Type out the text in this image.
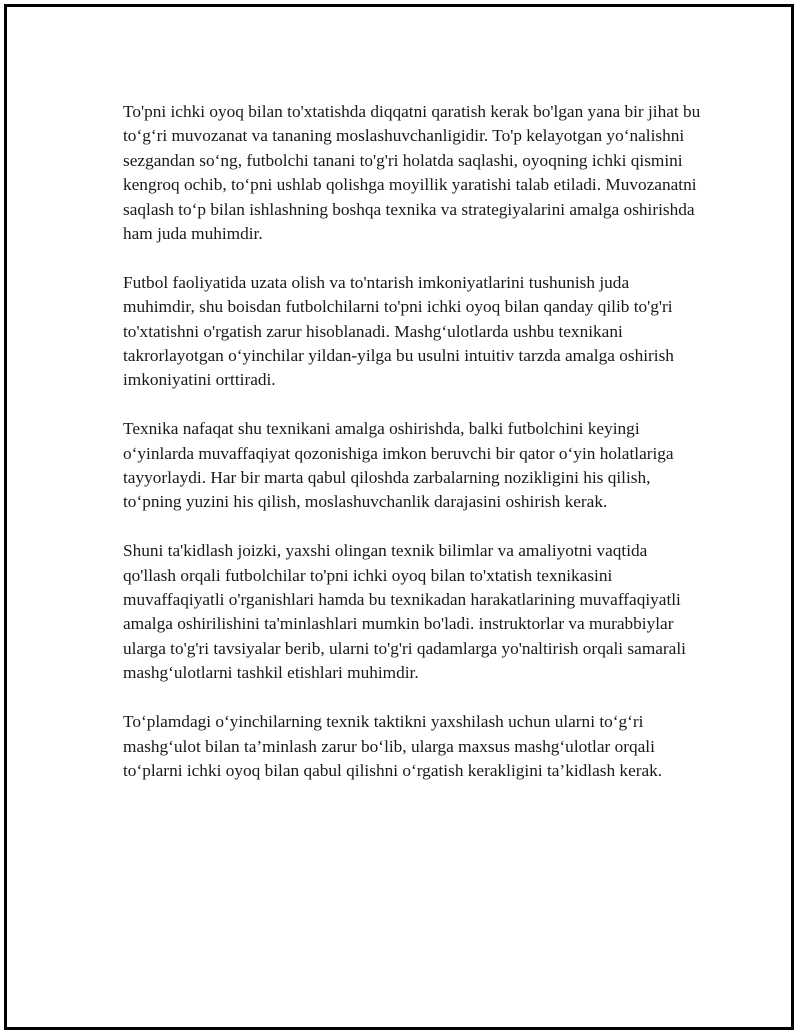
To'pni ichki oyoq bilan to'xtatishda diqqatni qaratish kerak bo'lgan yana bir jihat bu to‘g‘ri muvozanat va tananing moslashuvchanligidir. To'p kelayotgan yo‘nalishni sezgandan so‘ng, futbolchi tanani to'g'ri holatda saqlashi, oyoqning ichki qismini kengroq ochib, to‘pni ushlab qolishga moyillik yaratishi talab etiladi. Muvozanatni saqlash to‘p bilan ishlashning boshqa texnika va strategiyalarini amalga oshirishda ham juda muhimdir.

Futbol faoliyatida uzata olish va to'ntarish imkoniyatlarini tushunish juda muhimdir, shu boisdan futbolchilarni to'pni ichki oyoq bilan qanday qilib to'g'ri to'xtatishni o'rgatish zarur hisoblanadi. Mashg‘ulotlarda ushbu texnikani takrorlayotgan o‘yinchilar yildan-yilga bu usulni intuitiv tarzda amalga oshirish imkoniyatini orttiradi.

Texnika nafaqat shu texnikani amalga oshirishda, balki futbolchini keyingi o‘yinlarda muvaffaqiyat qozonishiga imkon beruvchi bir qator o‘yin holatlariga tayyorlaydi. Har bir marta qabul qiloshda zarbalarning nozikligini his qilish, to‘pning yuzini his qilish, moslashuvchanlik darajasini oshirish kerak.

Shuni ta'kidlash joizki, yaxshi olingan texnik bilimlar va amaliyotni vaqtida qo'llash orqali futbolchilar to'pni ichki oyoq bilan to'xtatish texnikasini muvaffaqiyatli o'rganishlari hamda bu texnikadan harakatlarining muvaffaqiyatli amalga oshirilishini ta'minlashlari mumkin bo'ladi. instruktorlar va murabbiylar ularga to'g'ri tavsiyalar berib, ularni to'g'ri qadamlarga yo'naltirish orqali samarali mashg‘ulotlarni tashkil etishlari muhimdir.

To‘plamdagi o‘yinchilarning texnik taktikni yaxshilash uchun ularni to‘g‘ri mashg‘ulot bilan ta’minlash zarur bo‘lib, ularga maxsus mashg‘ulotlar orqali to‘plarni ichki oyoq bilan qabul qilishni o‘rgatish kerakligini ta’kidlash kerak.
